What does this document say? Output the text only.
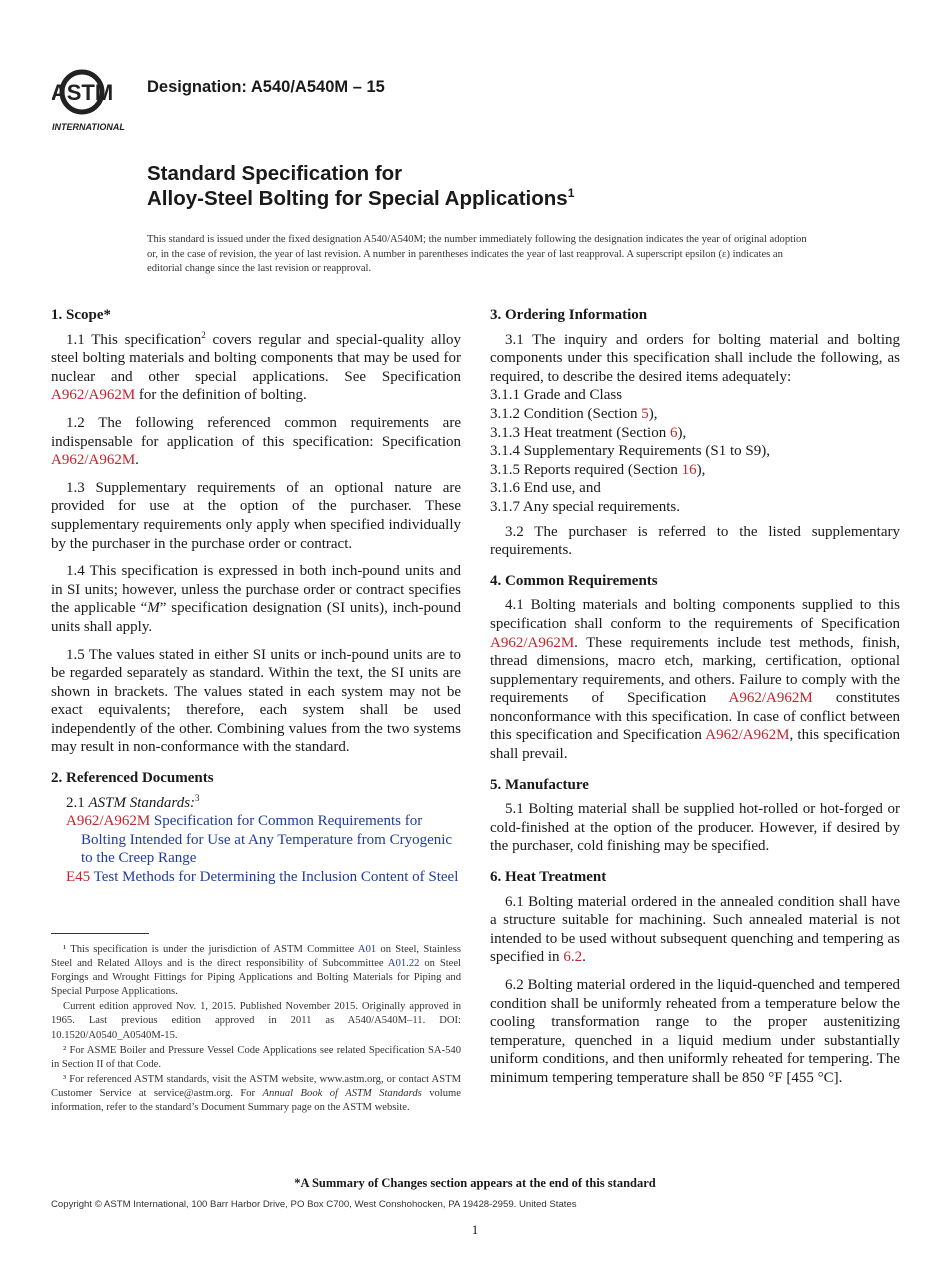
ASTM
INTERNATIONAL
Designation: A540/A540M – 15
Standard Specification for
Alloy-Steel Bolting for Special Applications$^1$
This standard is issued under the fixed designation A540/A540M; the number immediately following the designation indicates the year of original adoption or, in the case of revision, the year of last revision. A number in parentheses indicates the year of last reapproval. A superscript epsilon (ε) indicates an editorial change since the last revision or reapproval.
1. Scope*

1.1 This specification$^2$ covers regular and special-quality alloy steel bolting materials and bolting components that may be used for nuclear and other special applications. See Specification A962/A962M for the definition of bolting.

1.2 The following referenced common requirements are indispensable for application of this specification: Specification A962/A962M.

1.3 Supplementary requirements of an optional nature are provided for use at the option of the purchaser. These supplementary requirements only apply when specified individually by the purchaser in the purchase order or contract.

1.4 This specification is expressed in both inch-pound units and in SI units; however, unless the purchase order or contract specifies the applicable “M” specification designation (SI units), inch-pound units shall apply.

1.5 The values stated in either SI units or inch-pound units are to be regarded separately as standard. Within the text, the SI units are shown in brackets. The values stated in each system may not be exact equivalents; therefore, each system shall be used independently of the other. Combining values from the two systems may result in non-conformance with the standard.

2. Referenced Documents

2.1 ASTM Standards:$^3$

A962/A962M Specification for Common Requirements for Bolting Intended for Use at Any Temperature from Cryogenic to the Creep Range

E45 Test Methods for Determining the Inclusion Content of Steel

3. Ordering Information

3.1 The inquiry and orders for bolting material and bolting components under this specification shall include the following, as required, to describe the desired items adequately:

3.1.1 Grade and Class
3.1.2 Condition (Section 5),
3.1.3 Heat treatment (Section 6),
3.1.4 Supplementary Requirements (S1 to S9),
3.1.5 Reports required (Section 16),
3.1.6 End use, and
3.1.7 Any special requirements.

3.2 The purchaser is referred to the listed supplementary requirements.

4. Common Requirements

4.1 Bolting materials and bolting components supplied to this specification shall conform to the requirements of Specification A962/A962M. These requirements include test methods, finish, thread dimensions, macro etch, marking, certification, optional supplementary requirements, and others. Failure to comply with the requirements of Specification A962/A962M constitutes nonconformance with this specification. In case of conflict between this specification and Specification A962/A962M, this specification shall prevail.

5. Manufacture

5.1 Bolting material shall be supplied hot-rolled or hot-forged or cold-finished at the option of the producer. However, if desired by the purchaser, cold finishing may be specified.

6. Heat Treatment

6.1 Bolting material ordered in the annealed condition shall have a structure suitable for machining. Such annealed material is not intended to be used without subsequent quenching and tempering as specified in 6.2.

6.2 Bolting material ordered in the liquid-quenched and tempered condition shall be uniformly reheated from a temperature below the cooling transformation range to the proper austenitizing temperature, quenched in a liquid medium under substantially uniform conditions, and then uniformly reheated for tempering. The minimum tempering temperature shall be 850 °F [455 °C].

¹ This specification is under the jurisdiction of ASTM Committee A01 on Steel, Stainless Steel and Related Alloys and is the direct responsibility of Subcommittee A01.22 on Steel Forgings and Wrought Fittings for Piping Applications and Bolting Materials for Piping and Special Purpose Applications.

Current edition approved Nov. 1, 2015. Published November 2015. Originally approved in 1965. Last previous edition approved in 2011 as A540/A540M–11. DOI: 10.1520/A0540_A0540M-15.

² For ASME Boiler and Pressure Vessel Code Applications see related Specification SA-540 in Section II of that Code.

³ For referenced ASTM standards, visit the ASTM website, www.astm.org, or contact ASTM Customer Service at service@astm.org. For Annual Book of ASTM Standards volume information, refer to the standard’s Document Summary page on the ASTM website.

*A Summary of Changes section appears at the end of this standard
Copyright © ASTM International, 100 Barr Harbor Drive, PO Box C700, West Conshohocken, PA 19428-2959. United States
1
